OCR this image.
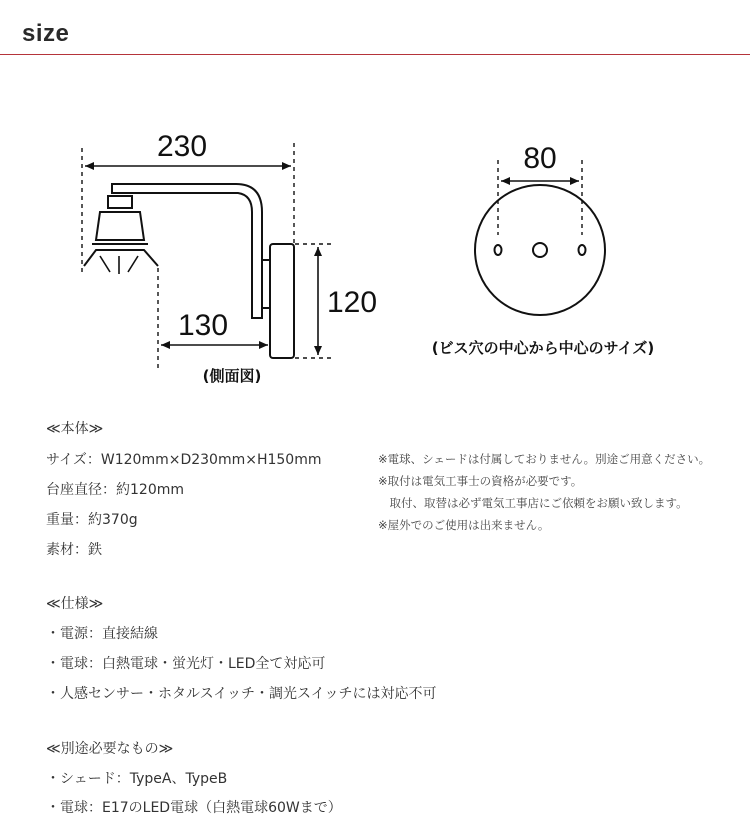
size
230
130
120
(側面図)
80
(ビス穴の中心から中心のサイズ)
≪本体≫
サイズ：W120mm×D230mm×H150mm
台座直径：約120mm
重量：約370g
素材：鉄
※電球、シェードは付属しておりません。別途ご用意ください。
※取付は電気工事士の資格が必要です。
　取付、取替は必ず電気工事店にご依頼をお願い致します。
※屋外でのご使用は出来ません。
≪仕様≫
・電源：直接結線
・電球：白熱電球・蛍光灯・LED全て対応可
・人感センサー・ホタルスイッチ・調光スイッチには対応不可
≪別途必要なもの≫
・シェード：TypeA、TypeB
・電球：E17のLED電球（白熱電球60Wまで）
